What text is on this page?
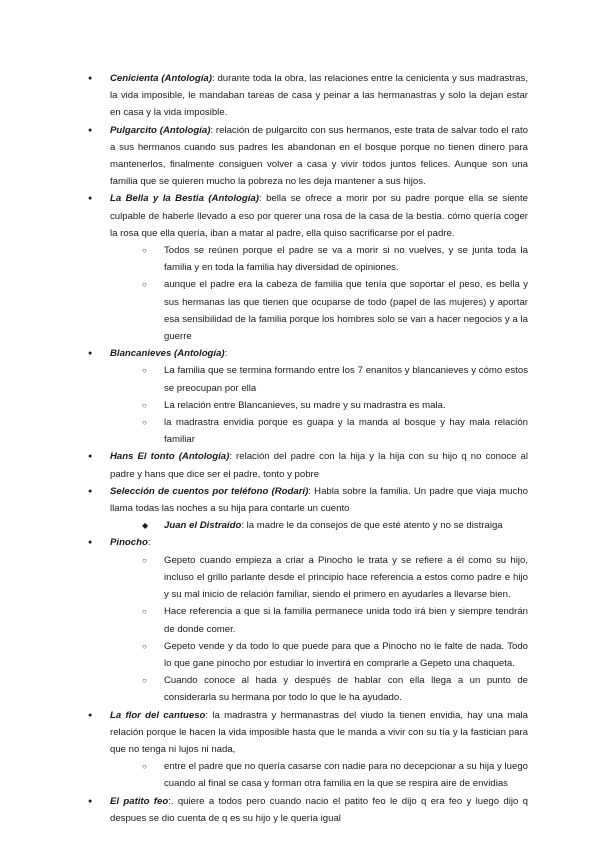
● Cenicienta (Antología): durante toda la obra, las relaciones entre la cenicienta y sus madrastras, la vida imposible, le mandaban tareas de casa y peinar a las hermanastras y solo la dejan estar en casa y la vida imposible.
● Pulgarcito (Antología): relación de pulgarcito con sus hermanos, este trata de salvar todo el rato a sus hermanos cuando sus padres les abandonan en el bosque porque no tienen dinero para mantenerlos, finalmente consiguen volver a casa y vivir todos juntos felices. Aunque son una familia que se quieren mucho la pobreza no les deja mantener a sus hijos.
● La Bella y la Bestia (Antología): bella se ofrece a morir por su padre porque ella se siente culpable de haberle llevado a eso por querer una rosa de la casa de la bestia. cómo quería coger la rosa que ella quería, iban a matar al padre, ella quiso sacrificarse por el padre.
○ Todos se reúnen porque el padre se va a morir si no vuelves, y se junta toda la familia y en toda la familia hay diversidad de opiniones.
○ aunque el padre era la cabeza de familia que tenía que soportar el peso, es bella y sus hermanas las que tienen que ocuparse de todo (papel de las mujeres) y aportar esa sensibilidad de la familia porque los hombres solo se van a hacer negocios y a la guerre
● Blancanieves (Antología):
○ La familia que se termina formando entre los 7 enanitos y blancanieves y cómo estos se preocupan por ella
○ La relación entre Blancanieves, su madre y su madrastra es mala.
○ la madrastra envidia porque es guapa y la manda al bosque y hay mala relación familiar
● Hans El tonto (Antología): relación del padre con la hija y la hija con su hijo q no conoce al padre y hans que dice ser el padre, tonto y pobre
● Selección de cuentos por teléfono (Rodari): Habla sobre la familia. Un padre que viaja mucho llama todas las noches a su hija para contarle un cuento
◆ Juan el Distraído: la madre le da consejos de que esté atento y no se distraiga
● Pinocho:
○ Gepeto cuando empieza a criar a Pinocho le trata y se refiere a él como su hijo, incluso el grillo parlante desde el principio hace referencia a estos como padre e hijo y su mal inicio de relación familiar, siendo el primero en ayudarles a llevarse bien.
○ Hace referencia a que si la familia permanece unida todo irá bien y siempre tendrán de donde comer.
○ Gepeto vende y da todo lo que puede para que a Pinocho no le falte de nada. Todo lo que gane pinocho por estudiar lo invertirá en comprarle a Gepeto una chaqueta.
○ Cuando conoce al hada y después de hablar con ella llega a un punto de considerarla su hermana por todo lo que le ha ayudado.
● La flor del cantueso: la madrastra y hermanastras del viudo la tienen envidia, hay una mala relación porque le hacen la vida imposible hasta que le manda a vivir con su tía y la fastician para que no tenga ni lujos ni nada,
○ entre el padre que no quería casarse con nadie para no decepcionar a su hija y luego cuando al final se casa y forman otra familia en la que se respira aire de envidias
● El patito feo:. quiere a todos pero cuando nacio el patito feo le dijo q era feo y luego dijo q despues se dio cuenta de q es su hijo y le quería igual
